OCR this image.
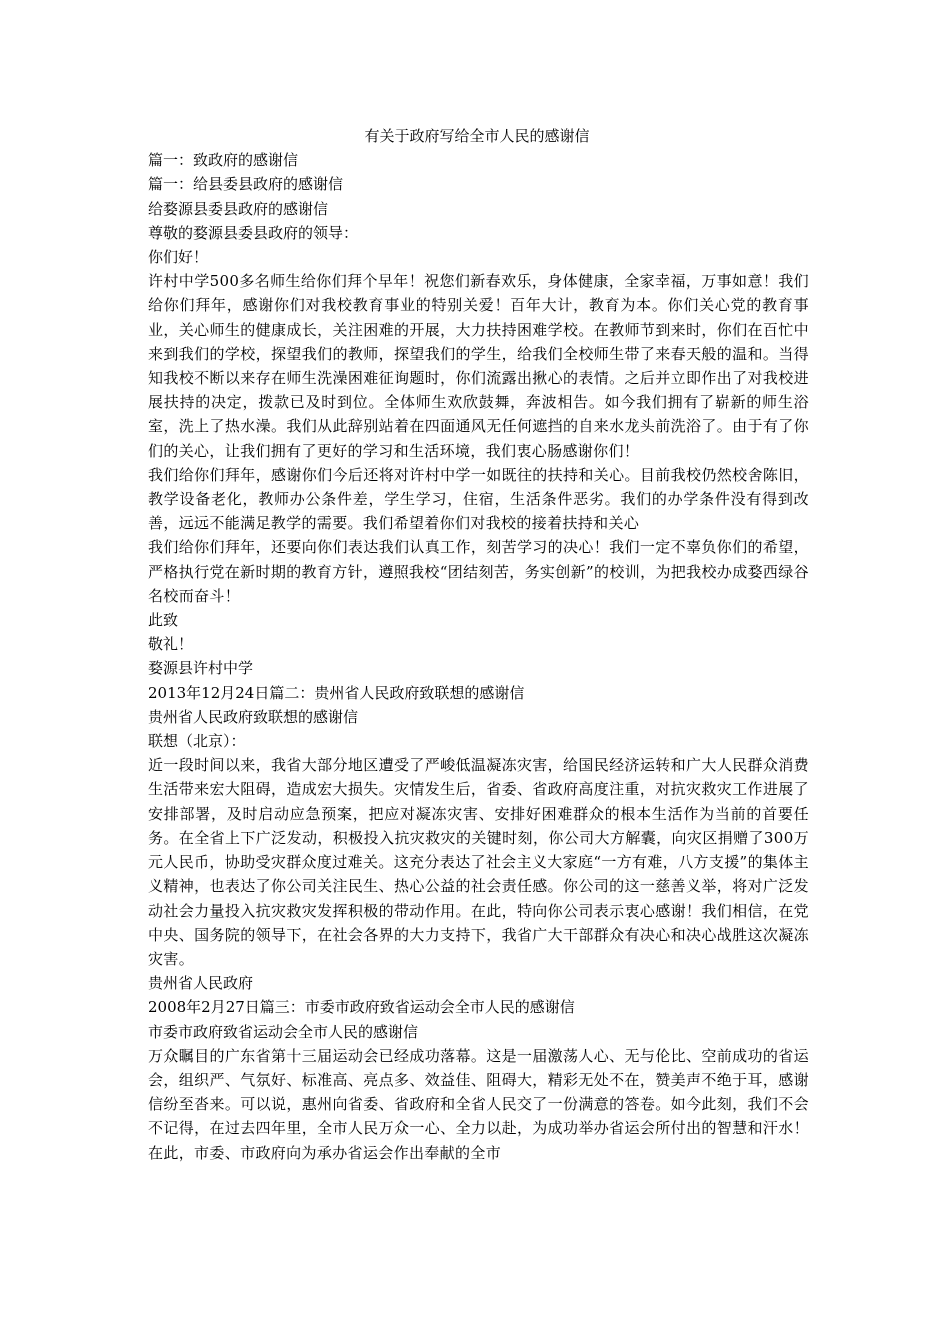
有关于政府写给全市人民的感谢信
篇一：致政府的感谢信
篇一：给县委县政府的感谢信
给婺源县委县政府的感谢信
尊敬的婺源县委县政府的领导：
你们好！
许村中学500多名师生给你们拜个早年！祝您们新春欢乐，身体健康，全家幸福，万事如意！我们给你们拜年，感谢你们对我校教育事业的特别关爱！百年大计，教育为本。你们关心党的教育事业，关心师生的健康成长，关注困难的开展，大力扶持困难学校。在教师节到来时，你们在百忙中来到我们的学校，探望我们的教师，探望我们的学生，给我们全校师生带了来春天般的温和。当得知我校不断以来存在师生洗澡困难征询题时，你们流露出揪心的表情。之后并立即作出了对我校进展扶持的决定，拨款已及时到位。全体师生欢欣鼓舞，奔波相告。如今我们拥有了崭新的师生浴室，洗上了热水澡。我们从此辞别站着在四面通风无任何遮挡的自来水龙头前洗浴了。由于有了你们的关心，让我们拥有了更好的学习和生活环境，我们衷心肠感谢你们！
我们给你们拜年，感谢你们今后还将对许村中学一如既往的扶持和关心。目前我校仍然校舍陈旧，教学设备老化，教师办公条件差，学生学习，住宿，生活条件恶劣。我们的办学条件没有得到改善，远远不能满足教学的需要。我们希望着你们对我校的接着扶持和关心
我们给你们拜年，还要向你们表达我们认真工作，刻苦学习的决心！我们一定不辜负你们的希望，严格执行党在新时期的教育方针，遵照我校“团结刻苦，务实创新”的校训，为把我校办成婺西绿谷名校而奋斗！
此致
敬礼！
婺源县许村中学
2013年12月24日篇二：贵州省人民政府致联想的感谢信
贵州省人民政府致联想的感谢信
联想（北京）：
近一段时间以来，我省大部分地区遭受了严峻低温凝冻灾害，给国民经济运转和广大人民群众消费生活带来宏大阻碍，造成宏大损失。灾情发生后，省委、省政府高度注重，对抗灾救灾工作进展了安排部署，及时启动应急预案，把应对凝冻灾害、安排好困难群众的根本生活作为当前的首要任务。在全省上下广泛发动，积极投入抗灾救灾的关键时刻，你公司大方解囊，向灾区捐赠了300万元人民币，协助受灾群众度过难关。这充分表达了社会主义大家庭“一方有难，八方支援”的集体主义精神，也表达了你公司关注民生、热心公益的社会责任感。你公司的这一慈善义举，将对广泛发动社会力量投入抗灾救灾发挥积极的带动作用。在此，特向你公司表示衷心感谢！我们相信，在党中央、国务院的领导下，在社会各界的大力支持下，我省广大干部群众有决心和决心战胜这次凝冻灾害。
贵州省人民政府
2008年2月27日篇三：市委市政府致省运动会全市人民的感谢信
市委市政府致省运动会全市人民的感谢信
万众瞩目的广东省第十三届运动会已经成功落幕。这是一届激荡人心、无与伦比、空前成功的省运会，组织严、气氛好、标准高、亮点多、效益佳、阻碍大，精彩无处不在，赞美声不绝于耳，感谢信纷至沓来。可以说，惠州向省委、省政府和全省人民交了一份满意的答卷。如今此刻，我们不会不记得，在过去四年里，全市人民万众一心、全力以赴，为成功举办省运会所付出的智慧和汗水！在此，市委、市政府向为承办省运会作出奉献的全市
